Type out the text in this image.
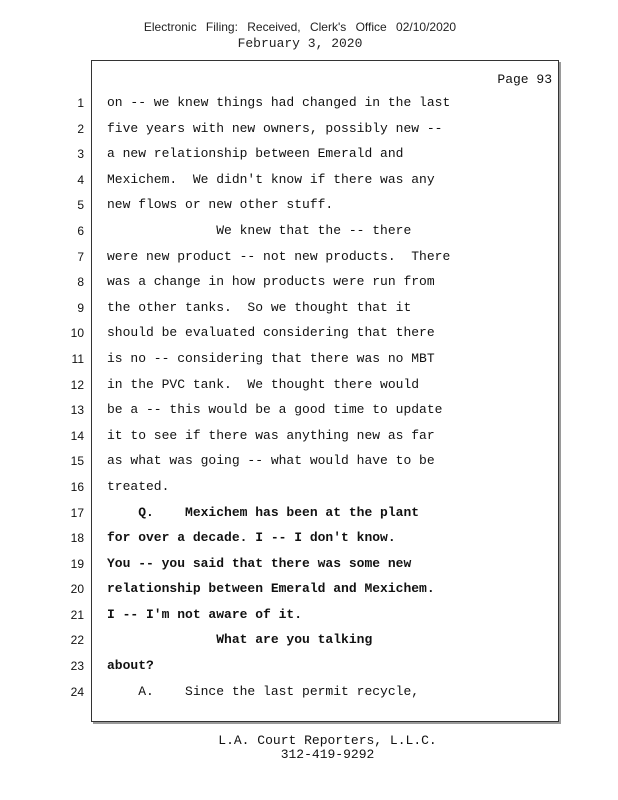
Electronic Filing: Received, Clerk's Office 02/10/2020
February 3, 2020
Page 93
1
2
3
4
5
6
7
8
9
10
11
12
13
14
15
16
17
18
19
20
21
22
23
24
on -- we knew things had changed in the last
five years with new owners, possibly new --
a new relationship between Emerald and
Mexichem.  We didn't know if there was any
new flows or new other stuff.
We knew that the -- there
were new product -- not new products.  There
was a change in how products were run from
the other tanks.  So we thought that it
should be evaluated considering that there
is no -- considering that there was no MBT
in the PVC tank.  We thought there would
be a -- this would be a good time to update
it to see if there was anything new as far
as what was going -- what would have to be
treated.
Q.    Mexichem has been at the plant
for over a decade. I -- I don't know.
You -- you said that there was some new
relationship between Emerald and Mexichem.
I -- I'm not aware of it.
What are you talking
about?
A.    Since the last permit recycle,
L.A. Court Reporters, L.L.C.
312-419-9292
